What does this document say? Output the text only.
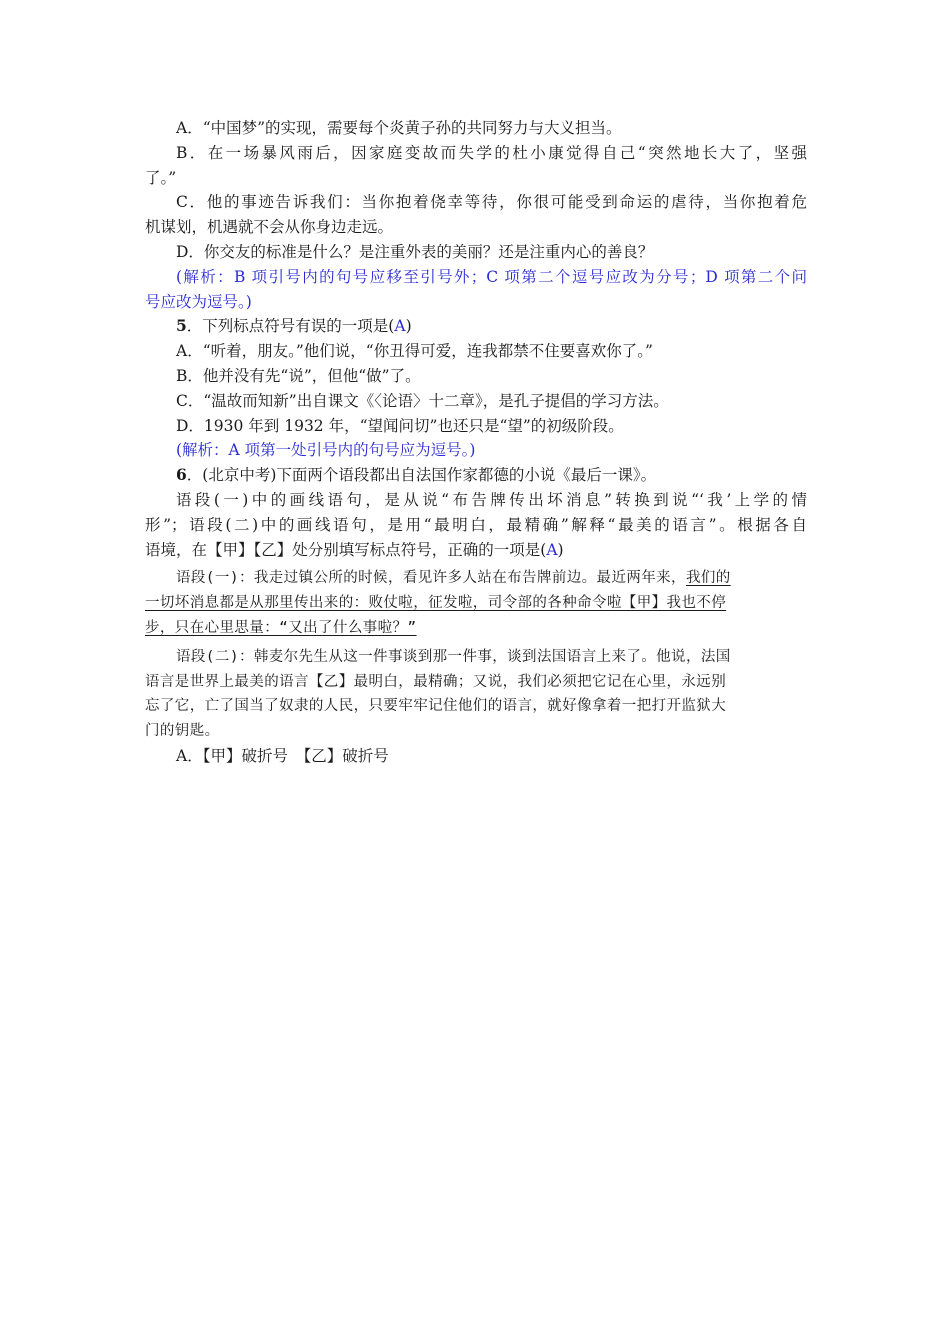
A．“中国梦”的实现，需要每个炎黄子孙的共同努力与大义担当。
B．在一场暴风雨后，因家庭变故而失学的杜小康觉得自己“突然地长大了，坚强
了。”
C．他的事迹告诉我们：当你抱着侥幸等待，你很可能受到命运的虐待，当你抱着危
机谋划，机遇就不会从你身边走远。
D．你交友的标准是什么？是注重外表的美丽？还是注重内心的善良？
(解析：B 项引号内的句号应移至引号外；C 项第二个逗号应改为分号；D 项第二个问
号应改为逗号。)
5．下列标点符号有误的一项是(A)
A．“听着，朋友。”他们说，“你丑得可爱，连我都禁不住要喜欢你了。”
B．他并没有先“说”，但他“做”了。
C．“温故而知新”出自课文《〈论语〉十二章》，是孔子提倡的学习方法。
D．1930 年到 1932 年，“望闻问切”也还只是“望”的初级阶段。
(解析：A 项第一处引号内的句号应为逗号。)
6．(北京中考)下面两个语段都出自法国作家都德的小说《最后一课》。
语段(一)中的画线语句，是从说“布告牌传出坏消息”转换到说“‘我’上学的情
形”；语段(二)中的画线语句，是用“最明白，最精确”解释“最美的语言”。根据各自
语境，在【甲】【乙】处分别填写标点符号，正确的一项是(A)
语段(一)：我走过镇公所的时候，看见许多人站在布告牌前边。最近两年来，我们的
一切坏消息都是从那里传出来的：败仗啦，征发啦，司令部的各种命令啦【甲】我也不停
步，只在心里思量：“又出了什么事啦？”
语段(二)：韩麦尔先生从这一件事谈到那一件事，谈到法国语言上来了。他说，法国
语言是世界上最美的语言【乙】最明白，最精确；又说，我们必须把它记在心里，永远别
忘了它，亡了国当了奴隶的人民，只要牢牢记住他们的语言，就好像拿着一把打开监狱大
门的钥匙。
A．【甲】破折号　【乙】破折号
